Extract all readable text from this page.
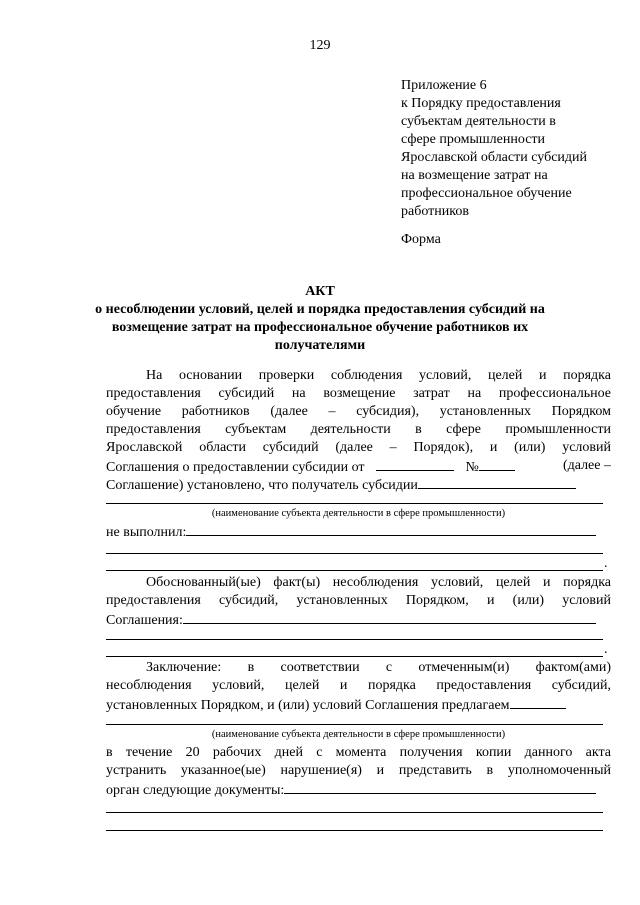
129
Приложение 6
к Порядку предоставления
субъектам деятельности в
сфере промышленности
Ярославской области субсидий
на возмещение затрат на
профессиональное обучение
работников
Форма
АКТ
о несоблюдении условий, целей и порядка предоставления субсидий на
возмещение затрат на профессиональное обучение работников их
получателями
На основании проверки соблюдения условий, целей и порядка
предоставления субсидий на возмещение затрат на профессиональное
обучение работников (далее – субсидия), установленных Порядком
предоставления субъектам деятельности в сфере промышленности
Ярославской области субсидий (далее – Порядок), и (или) условий
Соглашения о предоставлении субсидии от	№	(далее –
Соглашение) установлено, что получатель субсидии
(наименование субъекта деятельности в сфере промышленности)
не выполнил:
.
Обоснованный(ые) факт(ы) несоблюдения условий, целей и порядка
предоставления субсидий, установленных Порядком, и (или) условий
Соглашения:
.
Заключение: в соответствии с отмеченным(и) фактом(ами)
несоблюдения условий, целей и порядка предоставления субсидий,
установленных Порядком, и (или) условий Соглашения предлагаем
(наименование субъекта деятельности в сфере промышленности)
в течение 20 рабочих дней с момента получения копии данного акта
устранить указанное(ые) нарушение(я) и представить в уполномоченный
орган следующие документы:
